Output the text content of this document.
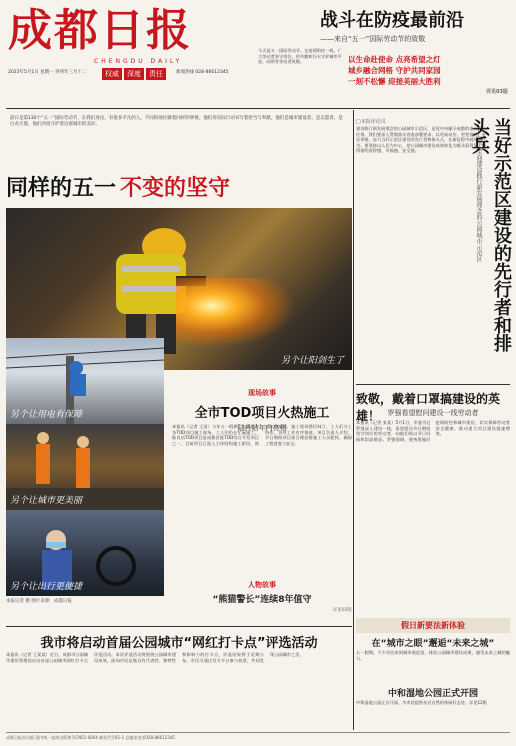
成都日报
CHENGDU DAILY
权威	深度	责任
2023年5月1日 星期一 癸卯年三月十二	新闻热线 028-86612345
战斗在防疫最前沿
——来自“五一”国际劳动节的致敬
今天是五一国际劳动节。在疫情防控一线，广大劳动者坚守岗位，用辛勤和汗水守护城市平安，向所有劳动者致敬。	以生命赴使命 点亮希望之灯
城乡融合网格 守护共同家园
一刻不松懈 迎接美丽大胜利
详见03版
前日是第130个“五一”国际劳动节，在我们身边，有很多平凡的人，不同的岗位做着同样的事情，他们用实际行动书写着担当与奉献，他们是城市建设者、是志愿者、是白衣天使，他们共同守护着这座城市的美好。
同样的五一 不变的坚守
另个让阳剑生了
另个让用电有保障
另个让城市更美丽
另个让出行更便捷
本报记者 摄 图片来源：成都日报
现场故事
全市TOD项目火热施工
陆肖站年内亮相
本报讯（记者 王某）今年五一假期，在成都市各TOD项目施工现场，工人们仍在忙碌施工。陆肖站TOD项目是成都首批TOD综合开发项目之一，目前项目已进入主体结构施工阶段，预计年内亮相。施工现场塔吊林立，工人们分工协作，各项工作有序推进。项目负责人介绍，节日期间项目部合理安排施工人员轮休，确保工程进度与安全。
人物故事
“熊猫警长”连续8年值守
详见02版
我市将启动首届公园城市“网红打卡点”评选活动
本报讯（记者 王某某）近日，成都市公园城市建设管理局启动首届公园城市网红打卡点评选活动。本次评选活动将围绕公园城市建设成效，面向市民征集具有代表性、独特性和影响力的打卡点，评选结果将于近期公布。市民可通过官方平台参与投票，共同发现公园城市之美。
□本报评论员
建设践行新发展理念的公园城市示范区，是党中央赋予成都的重大政治任务。我们要深入贯彻落实省委部署要求，以更高站位、更宽视野、更实举措，奋力当好示范区建设的先行者和排头兵，在新征程中展现新作为。要坚持以人民为中心，把公园城市建设成果转化为群众看得见、摸得着的获得感、幸福感、安全感。	——四论全面建设践行新发展理念的公园城市示范区 当好示范区建设的先行者和排头兵
致敬，戴着口罩搞建设的英雄！	罗强看望慰问建设一线劳动者
本报讯（记者 张某）5月1日，市委书记罗强深入建设一线，看望慰问节日期间坚守岗位的劳动者，向他们致以节日问候和崇高敬意。罗强强调，要统筹做好疫情防控和城市建设，切实保障劳动者安全健康，推动重大项目建设提速增效。
假日新要法新体验
在“城市之眼”邂逅“未来之城”
五一假期，不少市民来到城市展览馆，体验公园城市建设成果，感受未来之城的魅力。
中和湿地公园正式开园
中和湿地公园正式开园，为市民提供亲近自然的休闲好去处。详见12版
成都日报社出版 国内统一连续出版物号CN51-0004 邮发代号61-1 总编室电话028-86612345
